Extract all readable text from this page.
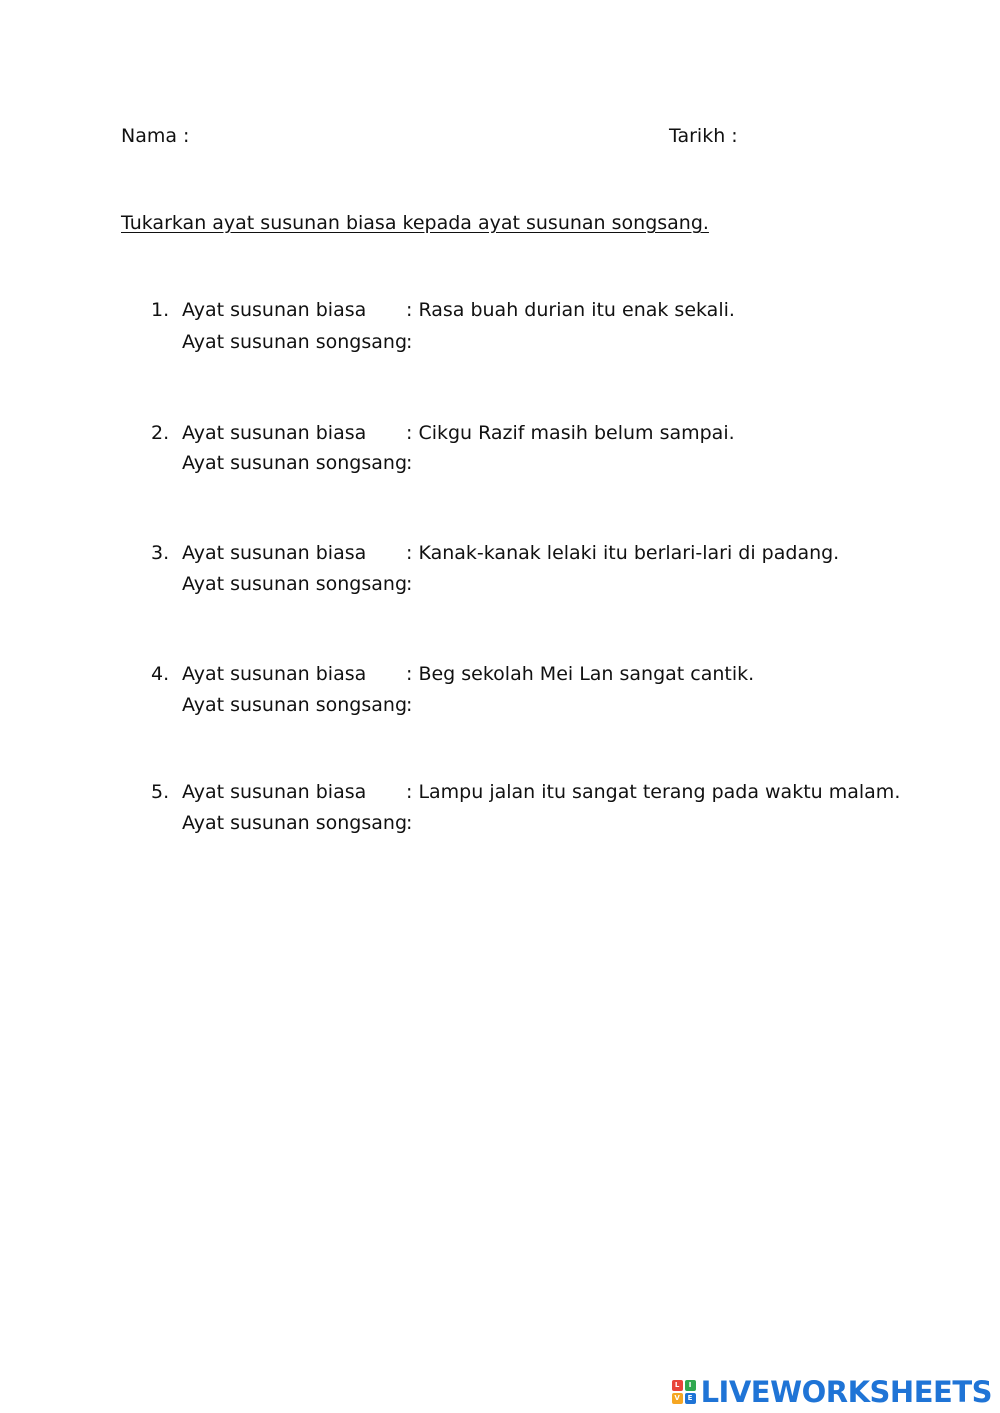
Nama :	Tarikh :
Tukarkan ayat susunan biasa kepada ayat susunan songsang.
1. Ayat susunan biasa : Rasa buah durian itu enak sekali.
Ayat susunan songsang
:
2. Ayat susunan biasa : Cikgu Razif masih belum sampai.
Ayat susunan songsang
:
3. Ayat susunan biasa : Kanak-kanak lelaki itu berlari-lari di padang.
Ayat susunan songsang
:
4. Ayat susunan biasa : Beg sekolah Mei Lan sangat cantik.
Ayat susunan songsang
:
5. Ayat susunan biasa : Lampu jalan itu sangat terang pada waktu malam.
Ayat susunan songsang
:
L	I
V	E LIVEWORKSHEETS
